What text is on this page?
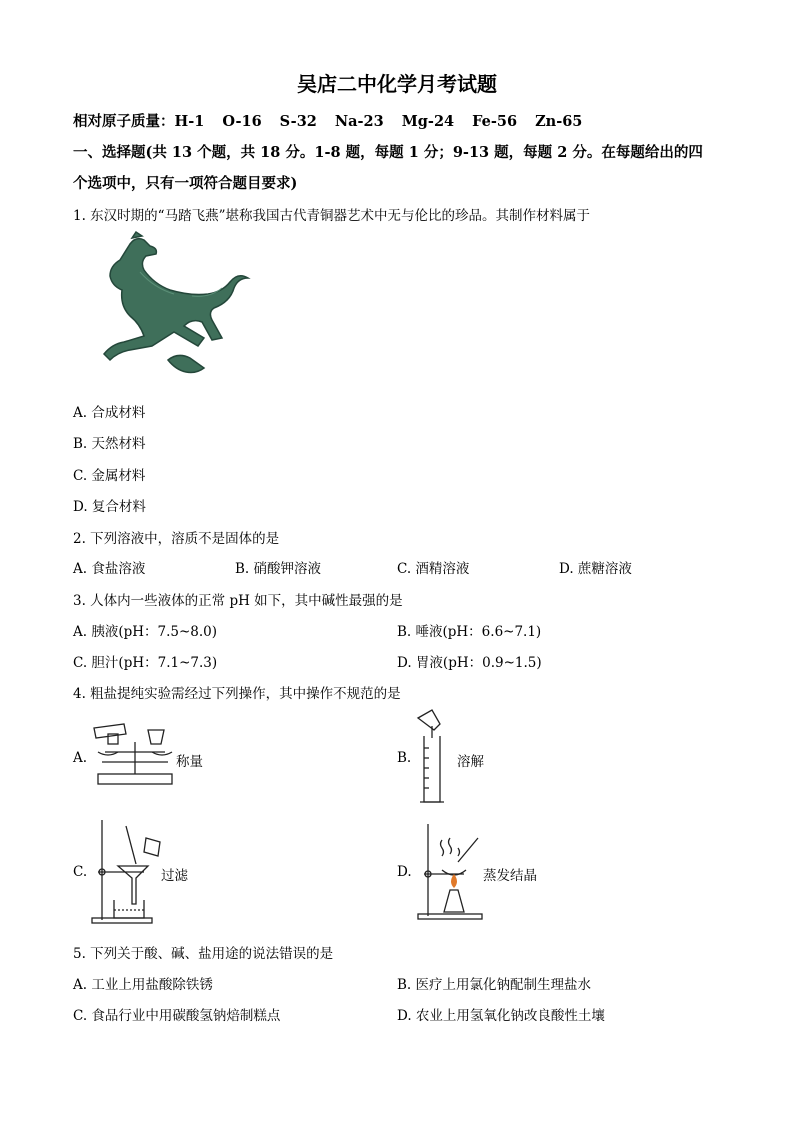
吴店二中化学月考试题
相对原子质量：H-1 O-16 S-32 Na-23 Mg-24 Fe-56 Zn-65
一、选择题(共 13 个题，共 18 分。1-8 题，每题 1 分；9-13 题，每题 2 分。在每题给出的四
个选项中，只有一项符合题目要求)
1. 东汉时期的“马踏飞燕”堪称我国古代青铜器艺术中无与伦比的珍品。其制作材料属于
A. 合成材料
B. 天然材料
C. 金属材料
D. 复合材料
2. 下列溶液中，溶质不是固体的是
A. 食盐溶液	B. 硝酸钾溶液	C. 酒精溶液	D. 蔗糖溶液
3. 人体内一些液体的正常 pH 如下，其中碱性最强的是
A. 胰液(pH：7.5~8.0)	B. 唾液(pH：6.6~7.1)
C. 胆汁(pH：7.1~7.3)	D. 胃液(pH：0.9~1.5)
4. 粗盐提纯实验需经过下列操作，其中操作不规范的是
A.	称量	B.	溶解
C.	过滤	D.	蒸发结晶
5. 下列关于酸、碱、盐用途的说法错误的是
A. 工业上用盐酸除铁锈	B. 医疗上用氯化钠配制生理盐水
C. 食品行业中用碳酸氢钠焙制糕点	D. 农业上用氢氧化钠改良酸性土壤
